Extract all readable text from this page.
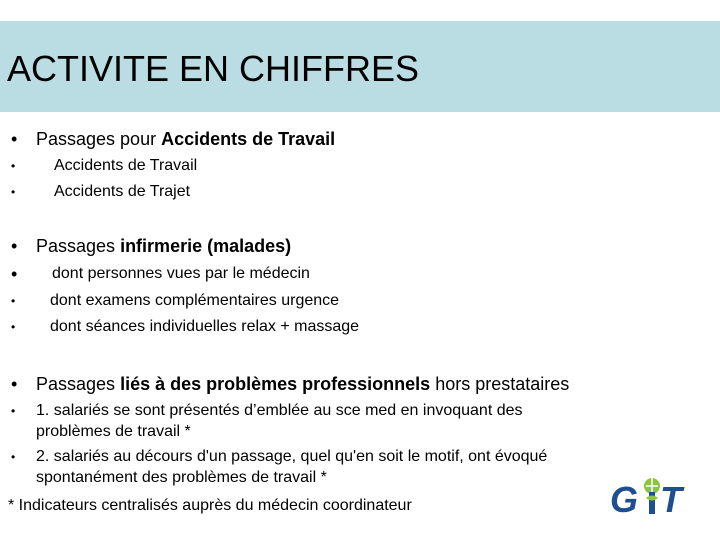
ACTIVITE EN CHIFFRES
• Passages pour Accidents de Travail
• Accidents de Travail
• Accidents de Trajet
• Passages infirmerie (malades)
• dont personnes vues par le médecin
• dont examens complémentaires urgence
• dont séances individuelles relax + massage
• Passages liés à des problèmes professionnels hors prestataires
• 1. salariés se sont présentés d’emblée au sce med en invoquant des
problèmes de travail *
• 2. salariés au décours d'un passage, quel qu'en soit le motif, ont évoqué
spontanément des problèmes de travail *
* Indicateurs centralisés auprès du médecin coordinateur	G T
